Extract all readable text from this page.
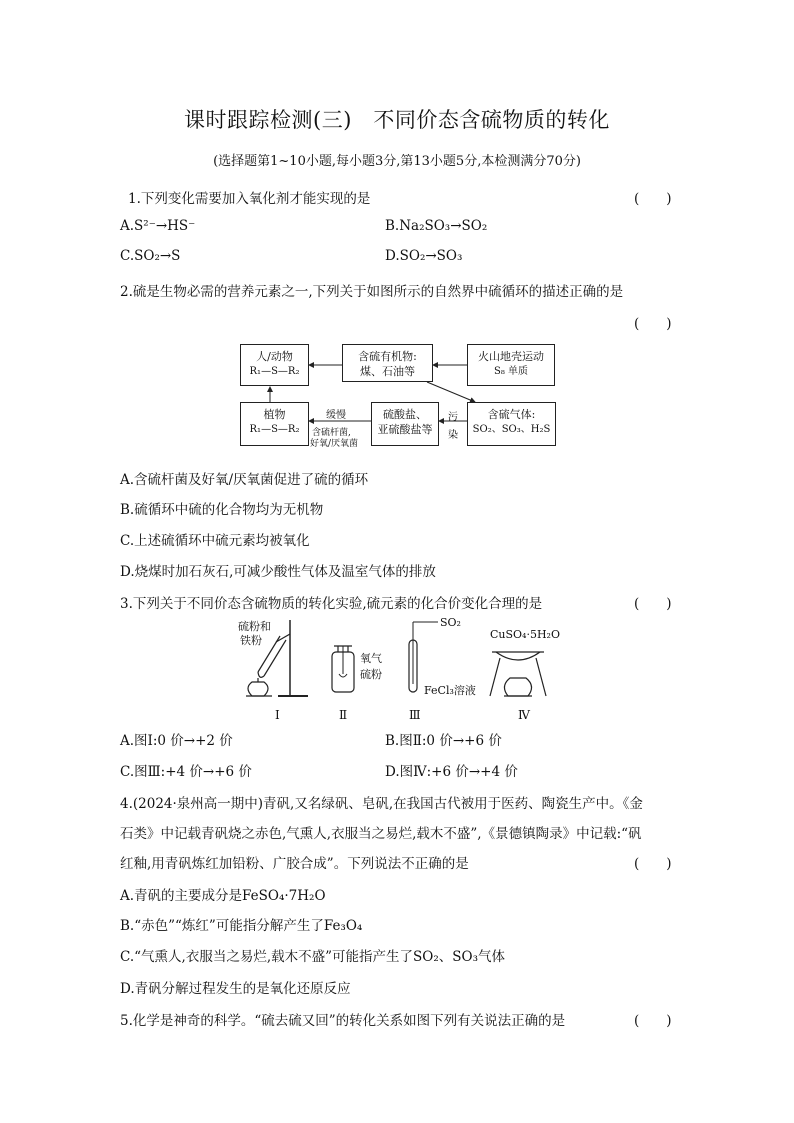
课时跟踪检测(三)　不同价态含硫物质的转化
(选择题第1~10小题,每小题3分,第13小题5分,本检测满分70分)
1.下列变化需要加入氧化剂才能实现的是	(　　)
A.S²⁻→HS⁻	B.Na₂SO₃→SO₂
C.SO₂→S	D.SO₂→SO₃
2.硫是生物必需的营养元素之一,下列关于如图所示的自然界中硫循环的描述正确的是
(　　)
人/动物
R₁—S—R₂
含硫有机物:
煤、石油等
火山地壳运动
S₈ 单质
植物
R₁—S—R₂
硫酸盐、
亚硫酸盐等
含硫气体:
SO₂、SO₃、H₂S
缓慢
含硫杆菌,
好氧/厌氧菌
污
染
A.含硫杆菌及好氧/厌氧菌促进了硫的循环
B.硫循环中硫的化合物均为无机物
C.上述硫循环中硫元素均被氧化
D.烧煤时加石灰石,可减少酸性气体及温室气体的排放
3.下列关于不同价态含硫物质的转化实验,硫元素的化合价变化合理的是	(　　)
硫粉和
铁粉
氧气
硫粉
SO₂
FeCl₃溶液
CuSO₄·5H₂O
Ⅰ	Ⅱ	Ⅲ	Ⅳ
A.图Ⅰ:0 价→+2 价	B.图Ⅱ:0 价→+6 价
C.图Ⅲ:+4 价→+6 价	D.图Ⅳ:+6 价→+4 价
4.(2024·泉州高一期中)青矾,又名绿矾、皂矾,在我国古代被用于医药、陶瓷生产中。《金
石类》中记载青矾烧之赤色,气熏人,衣服当之易烂,载木不盛”,《景德镇陶录》中记载:“矾
红釉,用青矾炼红加铅粉、广胶合成”。下列说法不正确的是	(　　)
A.青矾的主要成分是FeSO₄·7H₂O
B.“赤色”“炼红”可能指分解产生了Fe₃O₄
C.“气熏人,衣服当之易烂,载木不盛”可能指产生了SO₂、SO₃气体
D.青矾分解过程发生的是氧化还原反应
5.化学是神奇的科学。“硫去硫又回”的转化关系如图下列有关说法正确的是	(　　)
